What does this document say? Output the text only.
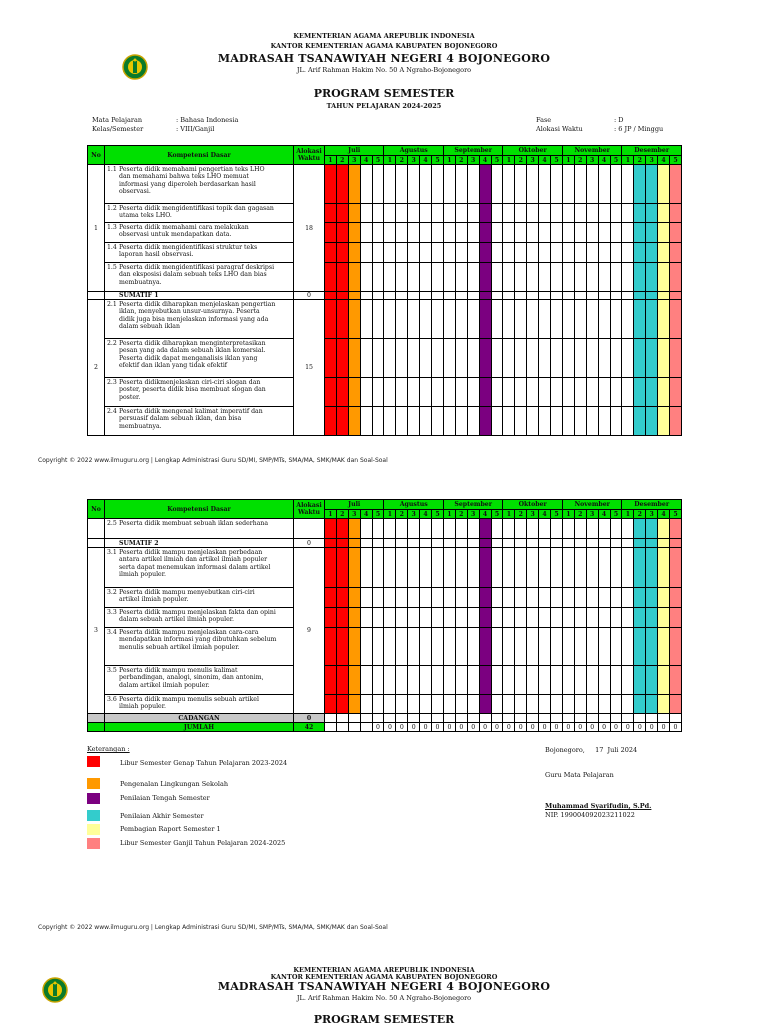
KEMENTERIAN AGAMA AREPUBLIK INDONESIA
KANTOR KEMENTERIAN AGAMA KABUPATEN BOJONEGORO
MADRASAH TSANAWIYAH NEGERI 4 BOJONEGORO
JL. Arif Rahman Hakim No. 50 A Ngraho-Bojonegoro
PROGRAM SEMESTER
TAHUN PELAJARAN 2024-2025
Mata Pelajaran	: Bahasa Indonesia
Kelas/Semester	: VIII/Ganjil
Fase	: D
Alokasi Waktu	: 6 JP / Minggu
No	Kompetensi Dasar	Alokasi Waktu	Juli					Agustus					September					Oktober					November					Desember				
			1	2	3	4	5	1	2	3	4	5	1	2	3	4	5	1	2	3	4	5	1	2	3	4	5	1	2	3	4	5
1	1.1 Peserta didik memahami pengertian teks LHO dan memahami bahwa teks LHO memuat informasi yang diperoleh berdasarkan hasil observasi.	18																														
	1.2 Peserta didik mengidentifikasi topik dan gagasan utama teks LHO.																															
	1.3 Peserta didik memahami cara melakukan observasi untuk mendapatkan data.																															
	1.4 Peserta didik mengidentifikasi struktur teks laporan hasil observasi.																															
	1.5 Peserta didik mengidentifikasi paragraf deskripsi dan eksposisi dalam sebuah teks LHO dan bias membuatnya.																															
	SUMATIF 1	0																														
2	2.1 Peserta didik diharapkan menjelaskan pengertian iklan, menyebutkan unsur-unsurnya. Peserta didik juga bisa menjelaskan informasi yang ada dalam sebuah iklan	15																														
	2.2 Peserta didik diharapkan menginterpretasikan pesan yang ada dalam sebuah iklan komersial. Peserta didik dapat menganalisis iklan yang efektif dan iklan yang tidak efektif																															
	2.3 Peserta didikmenjelaskan ciri-ciri slogan dan poster, peserta didik bisa membuat slogan dan poster.																															
	2.4 Peserta didik mengenal kalimat imperatif dan persuasif dalam sebuah iklan, dan bisa membuatnya.																															
Copyright © 2022 www.ilmuguru.org | Lengkap Administrasi Guru SD/MI, SMP/MTs, SMA/MA, SMK/MAK dan Soal-Soal
No	Kompetensi Dasar	Alokasi Waktu	Juli					Agustus					September					Oktober					November					Desember				
			1	2	3	4	5	1	2	3	4	5	1	2	3	4	5	1	2	3	4	5	1	2	3	4	5	1	2	3	4	5
	2.5 Peserta didik membuat sebuah iklan sederhana																															
	SUMATIF 2	0																														
3	3.1 Peserta didik mampu menjelaskan perbedaan antara artikel ilmiah dan artikel ilmiah populer serta dapat menemukan informasi dalam artikel ilmiah populer.	9																														
	3.2 Peserta didik mampu menyebutkan ciri-ciri artikel ilmiah populer.																															
	3.3 Peserta didik mampu menjelaskan fakta dan opini dalam sebuah artikel ilmiah populer.																															
	3.4 Peserta didik mampu menjelaskan cara-cara mendapatkan informasi yang dibutuhkan sebelum menulis sebuah artikel ilmiah populer.																															
	3.5 Peserta didik mampu menulis kalimat perbandingan, analogi, sinonim, dan antonim, dalam artikel ilmiah populer.																															
	3.6 Peserta didik mampu menulis sebuah artikel ilmiah populer.																															
	CADANGAN	0																														
	JUMLAH	42					0	0	0	0	0	0	0	0	0	0	0	0	0	0	0	0	0	0	0	0	0	0	0	0	0	0
Keterangan :
Libur Semester Genap Tahun Pelajaran 2023-2024
Pengenalan Lingkungan Sekolah
Penilaian Tengah Semester
Penilaian Akhir Semester
Pembagian Raport Semester 1
Libur Semester Ganjil Tahun Pelajaran 2024-2025
Bojonegoro,     17  Juli 2024
Guru Mata Pelajaran
Muhammad Syarifudin, S.Pd.
NIP. 199004092023211022
Copyright © 2022 www.ilmuguru.org | Lengkap Administrasi Guru SD/MI, SMP/MTs, SMA/MA, SMK/MAK dan Soal-Soal
KEMENTERIAN AGAMA AREPUBLIK INDONESIA
KANTOR KEMENTERIAN AGAMA KABUPATEN BOJONEGORO
MADRASAH TSANAWIYAH NEGERI 4 BOJONEGORO
JL. Arif Rahman Hakim No. 50 A Ngraho-Bojonegoro
PROGRAM SEMESTER
